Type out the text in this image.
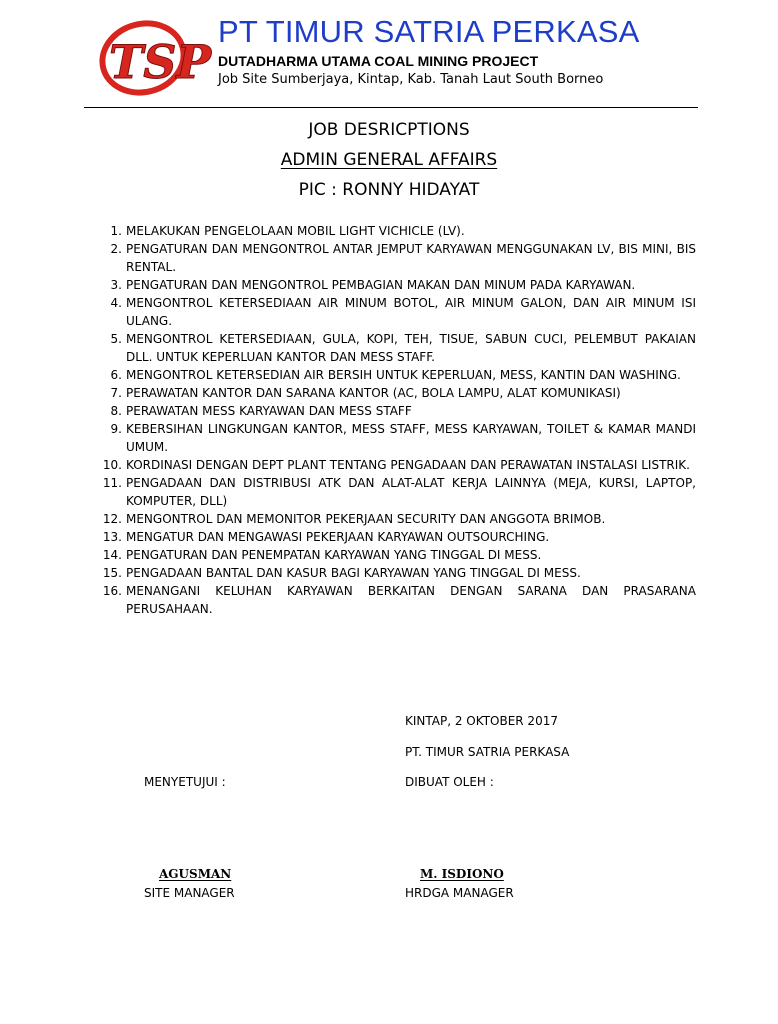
TSP
PT TIMUR SATRIA PERKASA
DUTADHARMA UTAMA COAL MINING PROJECT
Job Site Sumberjaya, Kintap, Kab. Tanah Laut South Borneo
JOB DESRICPTIONS
ADMIN GENERAL AFFAIRS
PIC : RONNY HIDAYAT
1. MELAKUKAN PENGELOLAAN MOBIL LIGHT VICHICLE (LV).
2. PENGATURAN DAN MENGONTROL ANTAR JEMPUT KARYAWAN MENGGUNAKAN LV, BIS MINI, BIS RENTAL.
3. PENGATURAN DAN MENGONTROL PEMBAGIAN MAKAN DAN MINUM PADA KARYAWAN.
4. MENGONTROL KETERSEDIAAN AIR MINUM BOTOL, AIR MINUM GALON, DAN AIR MINUM ISI ULANG.
5. MENGONTROL KETERSEDIAAN, GULA, KOPI, TEH, TISUE, SABUN CUCI, PELEMBUT PAKAIAN DLL. UNTUK KEPERLUAN KANTOR DAN MESS STAFF.
6. MENGONTROL KETERSEDIAN AIR BERSIH UNTUK KEPERLUAN, MESS, KANTIN DAN WASHING.
7. PERAWATAN KANTOR DAN SARANA KANTOR (AC, BOLA LAMPU, ALAT KOMUNIKASI)
8. PERAWATAN MESS KARYAWAN DAN MESS STAFF
9. KEBERSIHAN LINGKUNGAN KANTOR, MESS STAFF, MESS KARYAWAN, TOILET & KAMAR MANDI UMUM.
10. KORDINASI DENGAN DEPT PLANT TENTANG PENGADAAN DAN PERAWATAN INSTALASI LISTRIK.
11. PENGADAAN DAN DISTRIBUSI ATK DAN ALAT-ALAT KERJA LAINNYA (MEJA, KURSI, LAPTOP, KOMPUTER, DLL)
12. MENGONTROL DAN MEMONITOR PEKERJAAN SECURITY DAN ANGGOTA BRIMOB.
13. MENGATUR DAN MENGAWASI PEKERJAAN KARYAWAN OUTSOURCHING.
14. PENGATURAN DAN PENEMPATAN KARYAWAN YANG TINGGAL DI MESS.
15. PENGADAAN BANTAL DAN KASUR BAGI KARYAWAN YANG TINGGAL DI MESS.
16. MENANGANI KELUHAN KARYAWAN BERKAITAN DENGAN SARANA DAN PRASARANA PERUSAHAAN.
KINTAP, 2 OKTOBER 2017
PT. TIMUR SATRIA PERKASA
MENYETUJUI :	DIBUAT OLEH :
AGUSMAN
SITE MANAGER
M. ISDIONO
HRDGA MANAGER
